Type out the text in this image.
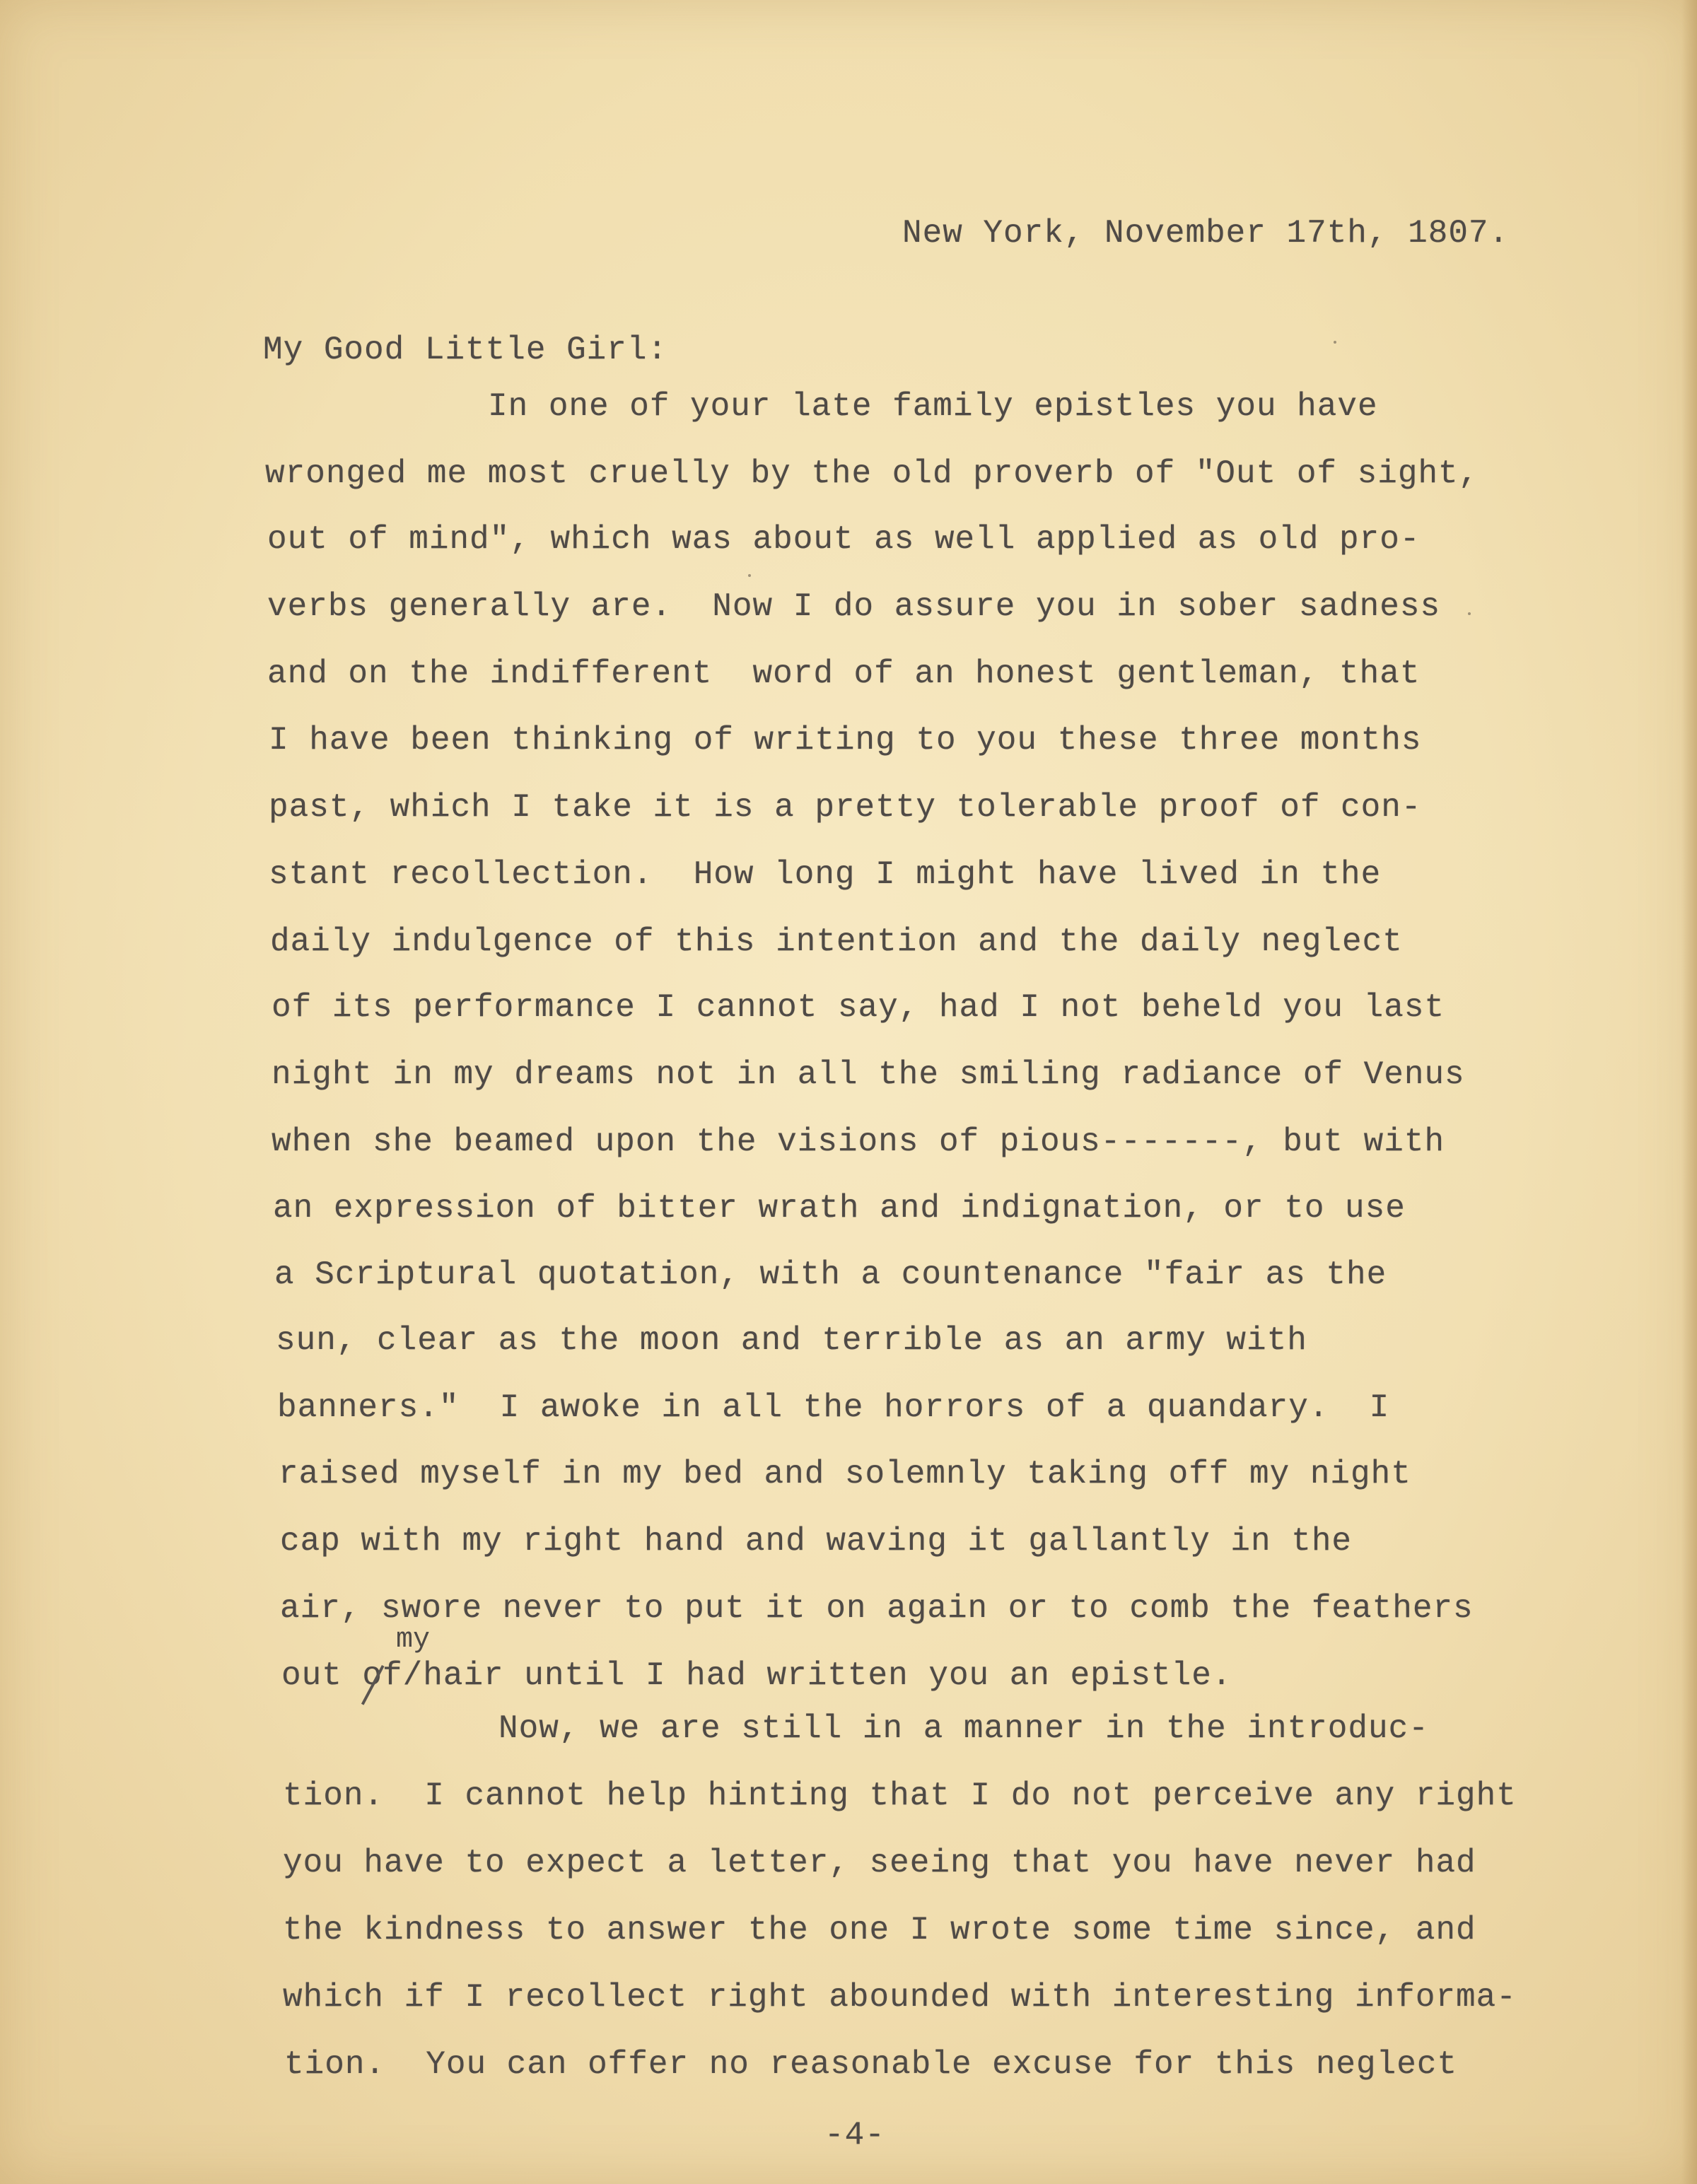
New York, November 17th, 1807.

My Good Little Girl:

In one of your late family epistles you have

wronged me most cruelly by the old proverb of "Out of sight,

out of mind", which was about as well applied as old pro-

verbs generally are.  Now I do assure you in sober sadness

and on the indifferent  word of an honest gentleman, that

I have been thinking of writing to you these three months

past, which I take it is a pretty tolerable proof of con-

stant recollection.  How long I might have lived in the

daily indulgence of this intention and the daily neglect

of its performance I cannot say, had I not beheld you last

night in my dreams not in all the smiling radiance of Venus

when she beamed upon the visions of pious-------, but with

an expression of bitter wrath and indignation, or to use

a Scriptural quotation, with a countenance "fair as the

sun, clear as the moon and terrible as an army with

banners."  I awoke in all the horrors of a quandary.  I

raised myself in my bed and solemnly taking off my night

cap with my right hand and waving it gallantly in the

air, swore never to put it on again or to comb the feathers

out of/hair until I had written you an epistle.

my

Now, we are still in a manner in the introduc-

tion.  I cannot help hinting that I do not perceive any right

you have to expect a letter, seeing that you have never had

the kindness to answer the one I wrote some time since, and

which if I recollect right abounded with interesting informa-

tion.  You can offer no reasonable excuse for this neglect

-4-
